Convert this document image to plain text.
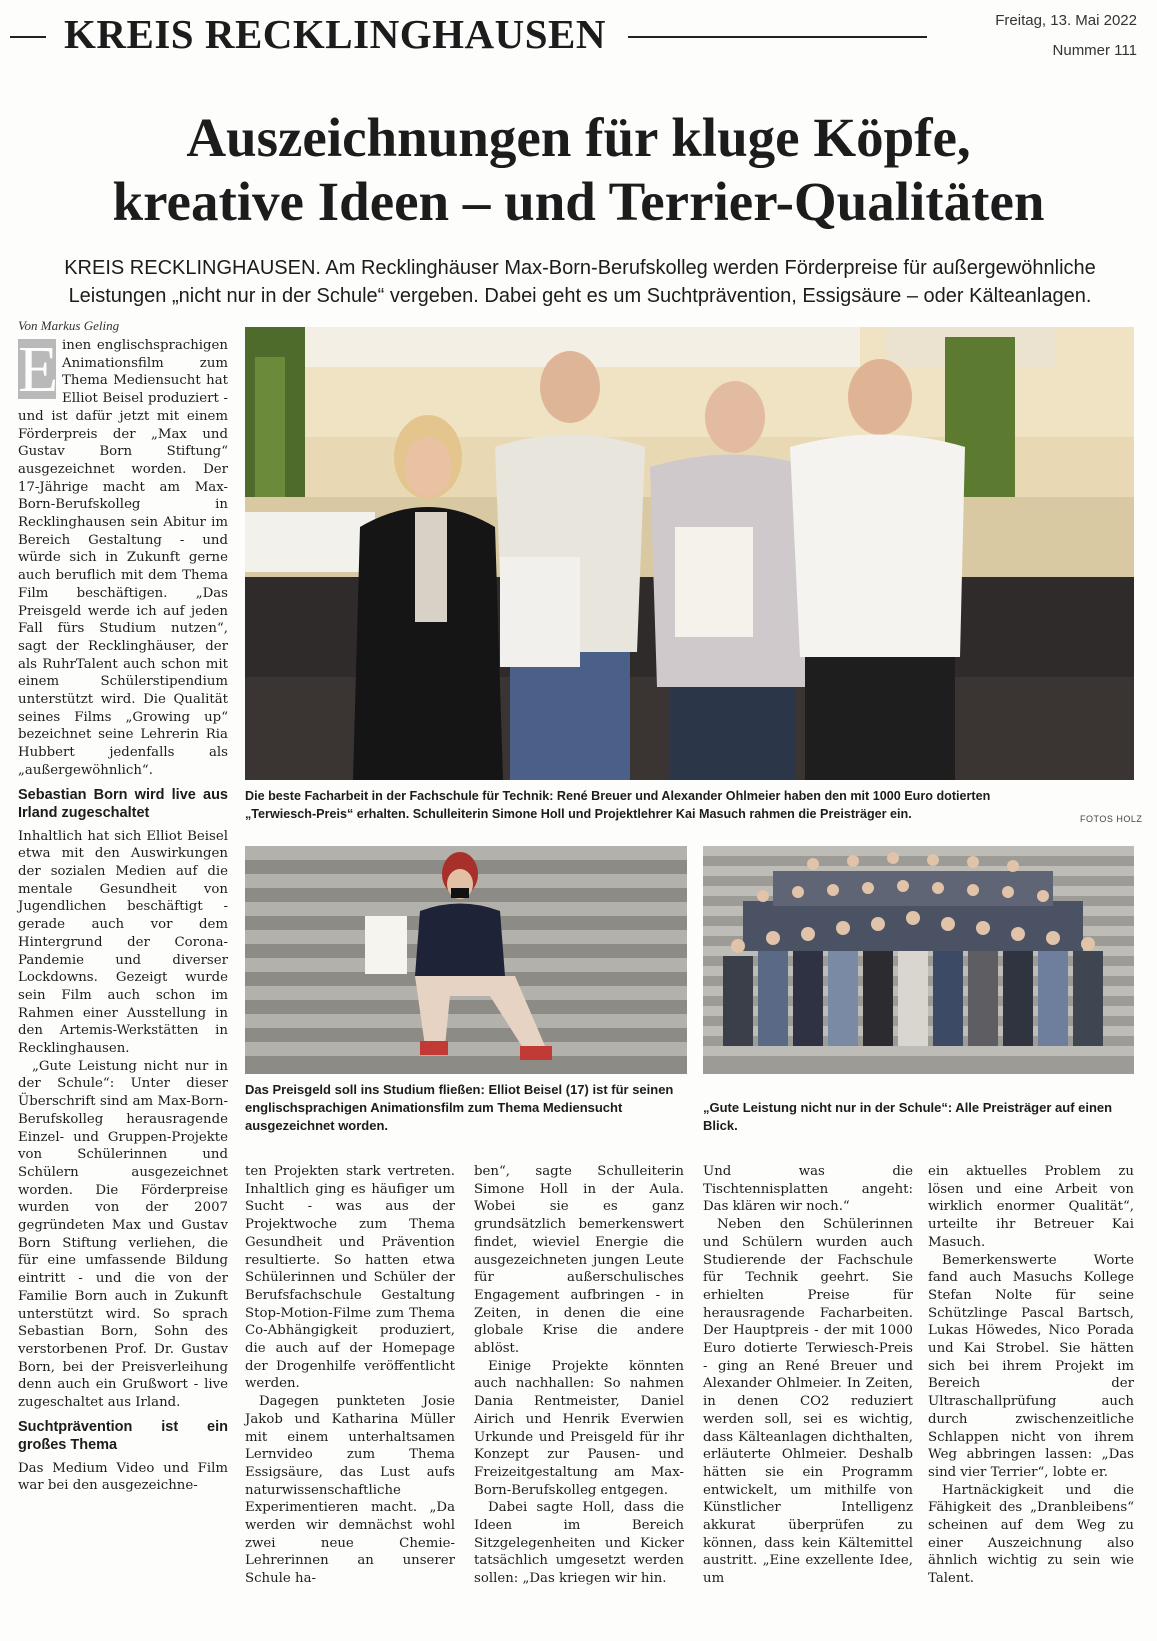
KREIS RECKLINGHAUSEN	Freitag, 13. Mai 2022
Nummer 111
Auszeichnungen für kluge Köpfe,
kreative Ideen – und Terrier-Qualitäten
KREIS RECKLINGHAUSEN. Am Recklinghäuser Max-Born-Berufskolleg werden Förderpreise für außergewöhnliche
Leistungen „nicht nur in der Schule“ vergeben. Dabei geht es um Suchtprävention, Essigsäure – oder Kälteanlagen.
Von Markus Geling
Die beste Facharbeit in der Fachschule für Technik: René Breuer und Alexander Ohlmeier haben den mit 1000 Euro dotierten
„Terwiesch-Preis“ erhalten. Schulleiterin Simone Holl und Projektlehrer Kai Masuch rahmen die Preisträger ein.	FOTOS HOLZ
Das Preisgeld soll ins Studium fließen: Elliot Beisel (17) ist für seinen englischsprachigen Animationsfilm zum Thema Mediensucht ausgezeichnet worden.
„Gute Leistung nicht nur in der Schule“: Alle Preisträger auf einen Blick.

E inen englischsprachigen Animationsfilm zum Thema Mediensucht hat Elliot Beisel produziert - und ist dafür jetzt mit einem Förderpreis der „Max und Gustav Born Stiftung“ ausgezeichnet worden. Der 17-Jährige macht am Max-Born-Berufskolleg in Recklinghausen sein Abitur im Bereich Gestaltung - und würde sich in Zukunft gerne auch beruflich mit dem Thema Film beschäftigen. „Das Preisgeld werde ich auf jeden Fall fürs Studium nutzen“, sagt der Recklinghäuser, der als RuhrTalent auch schon mit einem Schülerstipendium unterstützt wird. Die Qualität seines Films „Growing up“ bezeichnet seine Lehrerin Ria Hubbert jedenfalls als „außergewöhnlich“.

Sebastian Born wird live aus Irland zugeschaltet

Inhaltlich hat sich Elliot Beisel etwa mit den Auswirkungen der sozialen Medien auf die mentale Gesundheit von Jugendlichen beschäftigt - gerade auch vor dem Hintergrund der Corona-Pandemie und diverser Lockdowns. Gezeigt wurde sein Film auch schon im Rahmen einer Ausstellung in den Artemis-Werkstätten in Recklinghausen.

„Gute Leistung nicht nur in der Schule“: Unter dieser Überschrift sind am Max-Born-Berufskolleg herausragende Einzel- und Gruppen-Projekte von Schülerinnen und Schülern ausgezeichnet worden. Die Förderpreise wurden von der 2007 gegründeten Max und Gustav Born Stiftung verliehen, die für eine umfassende Bildung eintritt - und die von der Familie Born auch in Zukunft unterstützt wird. So sprach Sebastian Born, Sohn des verstorbenen Prof. Dr. Gustav Born, bei der Preisverleihung denn auch ein Grußwort - live zugeschaltet aus Irland.

Suchtprävention ist ein großes Thema

Das Medium Video und Film war bei den ausgezeichne-

ten Projekten stark vertreten. Inhaltlich ging es häufiger um Sucht - was aus der Projektwoche zum Thema Gesundheit und Prävention resultierte. So hatten etwa Schülerinnen und Schüler der Berufsfachschule Gestaltung Stop-Motion-Filme zum Thema Co-Abhängigkeit produziert, die auch auf der Homepage der Drogenhilfe veröffentlicht werden.

Dagegen punkteten Josie Jakob und Katharina Müller mit einem unterhaltsamen Lernvideo zum Thema Essigsäure, das Lust aufs naturwissenschaftliche Experimentieren macht. „Da werden wir demnächst wohl zwei neue Chemie-Lehrerinnen an unserer Schule ha-

ben“, sagte Schulleiterin Simone Holl in der Aula. Wobei sie es ganz grundsätzlich bemerkenswert findet, wieviel Energie die ausgezeichneten jungen Leute für außerschulisches Engagement aufbringen - in Zeiten, in denen die eine globale Krise die andere ablöst.

Einige Projekte könnten auch nachhallen: So nahmen Dania Rentmeister, Daniel Airich und Henrik Everwien Urkunde und Preisgeld für ihr Konzept zur Pausen- und Freizeitgestaltung am Max-Born-Berufskolleg entgegen.

Dabei sagte Holl, dass die Ideen im Bereich Sitzgelegenheiten und Kicker tatsächlich umgesetzt werden sollen: „Das kriegen wir hin.

Und was die Tischtennisplatten angeht: Das klären wir noch.“

Neben den Schülerinnen und Schülern wurden auch Studierende der Fachschule für Technik geehrt. Sie erhielten Preise für herausragende Facharbeiten. Der Hauptpreis - der mit 1000 Euro dotierte Terwiesch-Preis - ging an René Breuer und Alexander Ohlmeier. In Zeiten, in denen CO2 reduziert werden soll, sei es wichtig, dass Kälteanlagen dichthalten, erläuterte Ohlmeier. Deshalb hätten sie ein Programm entwickelt, um mithilfe von Künstlicher Intelligenz akkurat überprüfen zu können, dass kein Kältemittel austritt. „Eine exzellente Idee, um

ein aktuelles Problem zu lösen und eine Arbeit von wirklich enormer Qualität“, urteilte ihr Betreuer Kai Masuch.

Bemerkenswerte Worte fand auch Masuchs Kollege Stefan Nolte für seine Schützlinge Pascal Bartsch, Lukas Höwedes, Nico Porada und Kai Strobel. Sie hätten sich bei ihrem Projekt im Bereich der Ultraschallprüfung auch durch zwischenzeitliche Schlappen nicht von ihrem Weg abbringen lassen: „Das sind vier Terrier“, lobte er.

Hartnäckigkeit und die Fähigkeit des „Dranbleibens“ scheinen auf dem Weg zu einer Auszeichnung also ähnlich wichtig zu sein wie Talent.
